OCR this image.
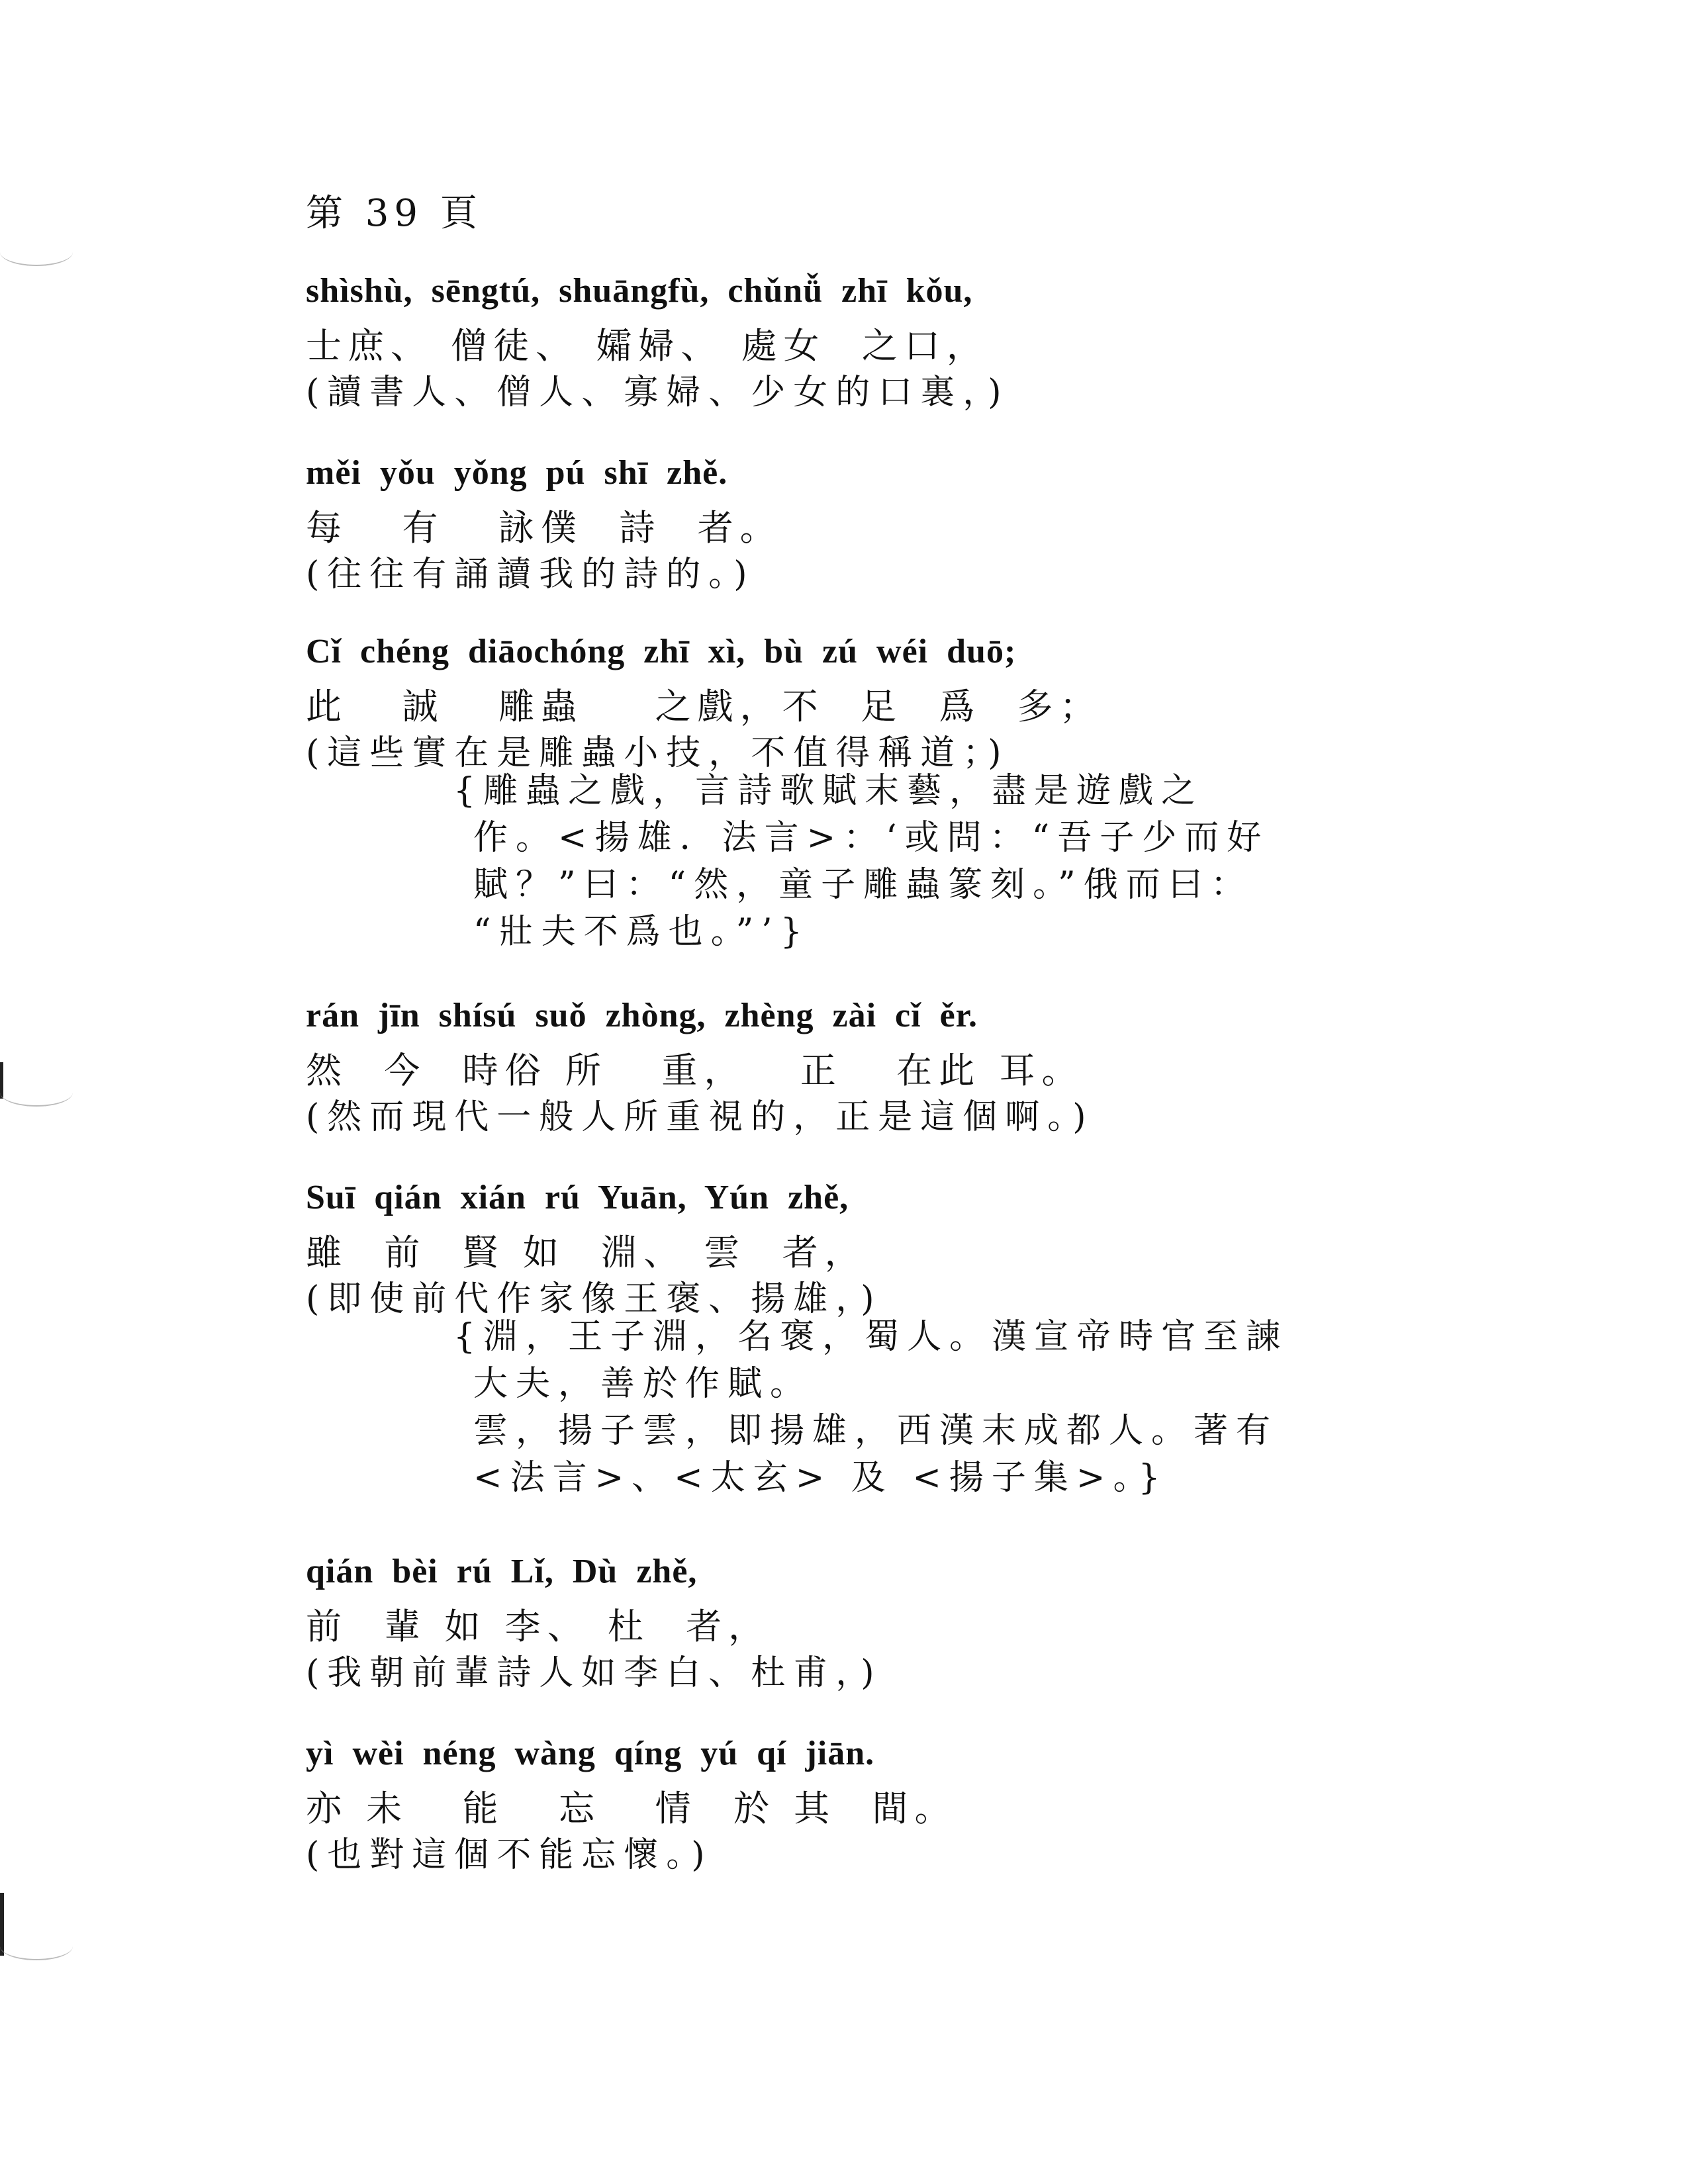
第 39 頁
shìshù,  sēngtú,  shuāngfù,  chǔnǚ  zhī  kǒu,
士庶、 僧徒、 孀婦、 處女  之口，
(讀書人、僧人、寡婦、少女的口裏，)
měi  yǒu  yǒng  pú  shī  zhě.
每   有   詠僕  詩  者。
(往往有誦讀我的詩的。)
Cǐ  chéng  diāochóng  zhī  xì,  bù  zú  wéi  duō;
此   誠   雕蟲    之戲，不  足  爲  多；
(這些實在是雕蟲小技，不值得稱道；)
{雕蟲之戲，言詩歌賦末藝，盡是遊戲之
作。<揚雄．法言>：‘或問：“吾子少而好
賦？”曰：“然，童子雕蟲篆刻。”俄而曰：
“壯夫不爲也。”’}
rán  jīn  shísú  suǒ  zhòng,  zhèng  zài  cǐ  ěr.
然  今  時俗 所   重，   正   在此 耳。
(然而現代一般人所重視的，正是這個啊。)
Suī  qián  xián  rú  Yuān,  Yún  zhě,
雖  前  賢 如  淵、 雲  者，
(即使前代作家像王褒、揚雄，)
{淵，王子淵，名褒，蜀人。漢宣帝時官至諫
大夫，善於作賦。
雲，揚子雲，即揚雄，西漢末成都人。著有
<法言>、<太玄> 及 <揚子集>。}
qián  bèi  rú  Lǐ,  Dù  zhě,
前  輩 如 李、 杜  者，
(我朝前輩詩人如李白、杜甫，)
yì  wèi  néng  wàng  qíng  yú  qí  jiān.
亦 未   能   忘   情  於 其  間。
(也對這個不能忘懷。)
